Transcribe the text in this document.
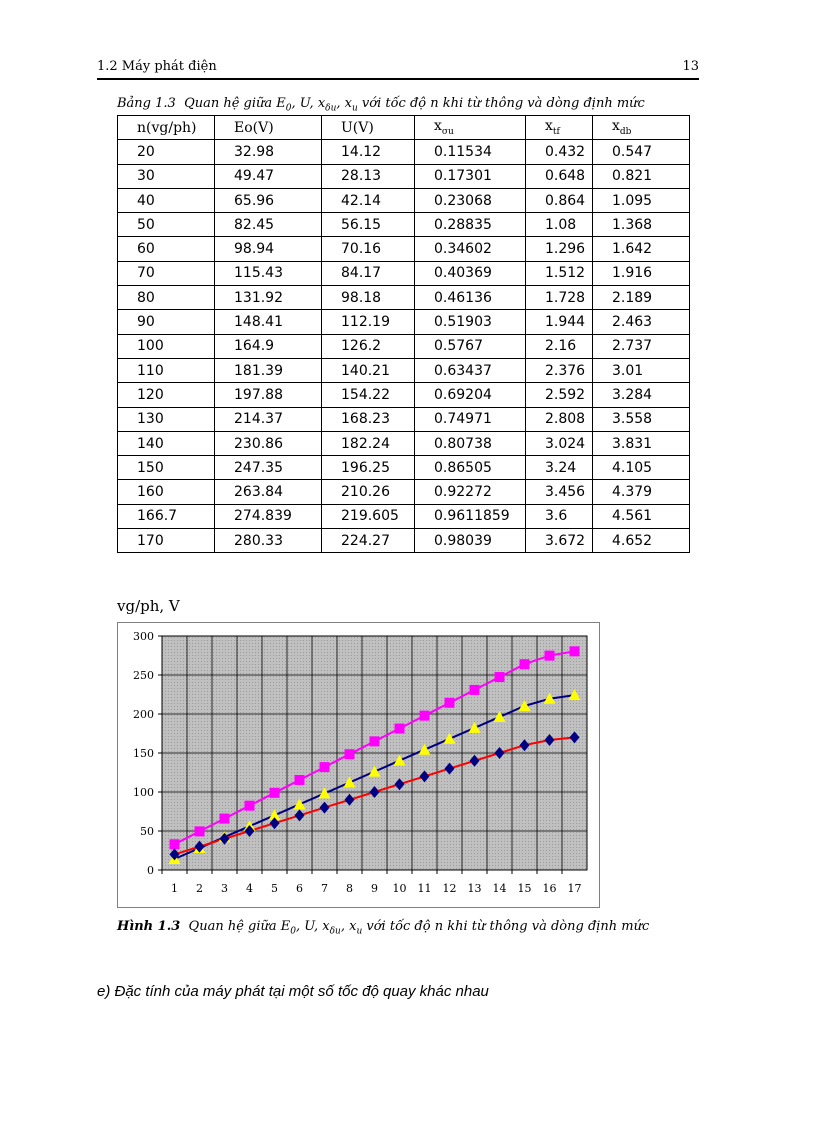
1.2 Máy phát điện	13
Bảng 1.3 Quan hệ giữa $E_0$, U, $x_{\delta u}$, $x_u$ với tốc độ n khi từ thông và dòng định mức
n(vg/ph)	Eo(V)	U(V)	$x_{\sigma u}$	$x_{tf}$	$x_{db}$
20	32.98	14.12	0.11534	0.432	0.547
30	49.47	28.13	0.17301	0.648	0.821
40	65.96	42.14	0.23068	0.864	1.095
50	82.45	56.15	0.28835	1.08	1.368
60	98.94	70.16	0.34602	1.296	1.642
70	115.43	84.17	0.40369	1.512	1.916
80	131.92	98.18	0.46136	1.728	2.189
90	148.41	112.19	0.51903	1.944	2.463
100	164.9	126.2	0.5767	2.16	2.737
110	181.39	140.21	0.63437	2.376	3.01
120	197.88	154.22	0.69204	2.592	3.284
130	214.37	168.23	0.74971	2.808	3.558
140	230.86	182.24	0.80738	3.024	3.831
150	247.35	196.25	0.86505	3.24	4.105
160	263.84	210.26	0.92272	3.456	4.379
166.7	274.839	219.605	0.9611859	3.6	4.561
170	280.33	224.27	0.98039	3.672	4.652
vg/ph, V
0
50
100
150
200
250
300
1 2 3 4 5 6 7 8 9 10 11 12 13 14 15 16 17
Hình 1.3 Quan hệ giữa $E_0$, U, $x_{\delta u}$, $x_u$ với tốc độ n khi từ thông và dòng định mức
e) Đặc tính của máy phát tại một số tốc độ quay khác nhau
